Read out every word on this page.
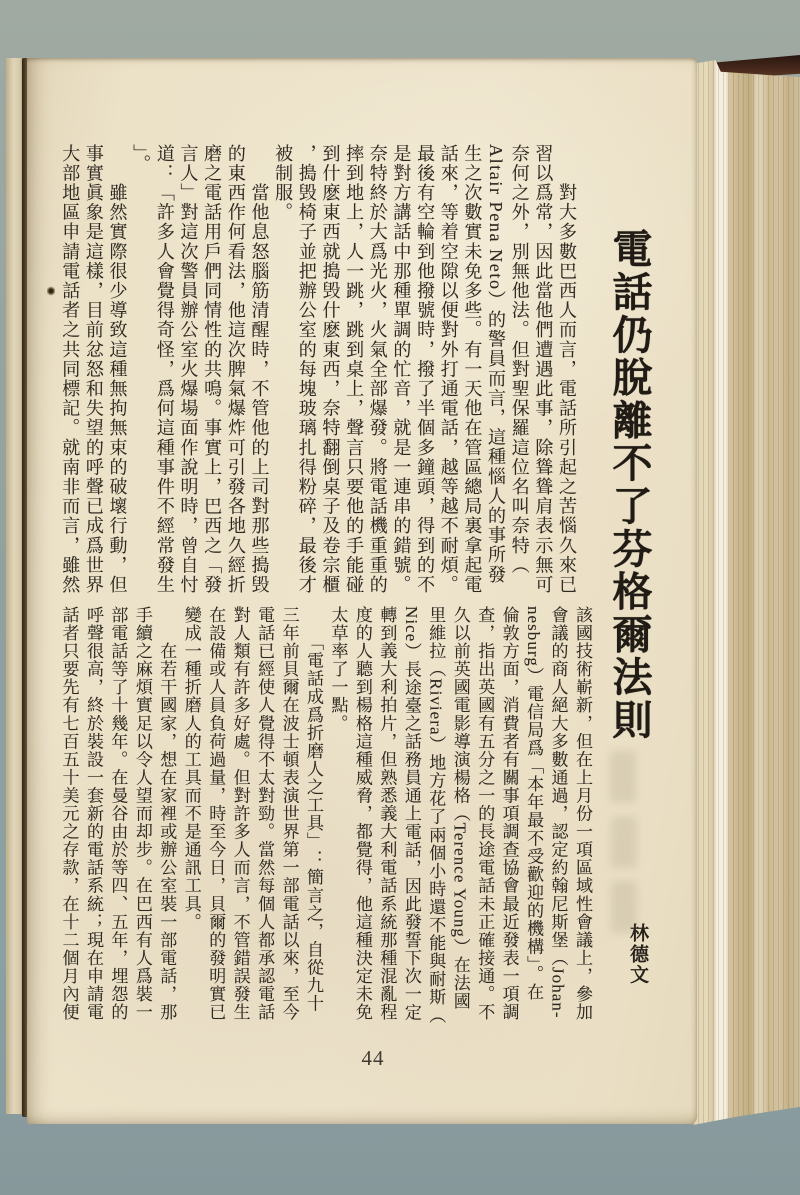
電話仍脫離不了芬格爾法則
林德文
　　對大多數巴西人而言，電話所引起之苦惱久來已
習以爲常，因此當他們遭遇此事，除聳聳肩表示無可
奈何之外，別無他法。但對聖保羅這位名叫奈特（
Altair Pena Neto）的警員而言，這種惱人的事所發
生之次數實未免多些。有一天他在管區總局裏拿起電
話來，等着空隙以便對外打通電話，越等越不耐煩。
最後有空輪到他撥號時，撥了半個多鐘頭，得到的不
是對方講話中那種單調的忙音，就是一連串的錯號。
奈特終於大爲光火，火氣全部爆發。將電話機重重的
摔到地上，人一跳，跳到桌上，聲言只要他的手能碰
到什麽東西就搗毁什麽東西，奈特翻倒桌子及卷宗櫃
，搗毁椅子並把辦公室的每塊玻璃扎得粉碎，最後才
被制服。
　　當他息怒腦筋清醒時，不管他的上司對那些搗毁
的東西作何看法，他這次脾氣爆炸可引發各地久經折
磨之電話用戶們同情性的共鳴。事實上，巴西之「發
言人」對這次警員辦公室火爆場面作說明時，曾自忖
道：「許多人會覺得奇怪，爲何這種事件不經常發生
」。
　　雖然實際很少導致這種無拘無束的破壞行動，但
事實眞象是這樣，目前忿怒和失望的呼聲已成爲世界
大部地區申請電話者之共同標記。就南非而言，雖然
該國技術嶄新，但在上月份一項區域性會議上，參加
會議的商人絕大多數通過，認定約翰尼斯堡（Johan-
nesburg）電信局爲「本年最不受歡迎的機構」。在
倫敦方面，消費者有關事項調查協會最近發表一項調
查，指出英國有五分之一的長途電話未正確接通。不
久以前英國電影導演楊格（Terence Young）在法國
里維拉（Riviera）地方花了兩個小時還不能與耐斯（
Nice）長途臺之話務員通上電話，因此發誓下次一定
轉到義大利拍片，但熟悉義大利電話系統那種混亂程
度的人聽到楊格這種威脅，都覺得，他這種決定未免
太草率了一點。
　　「電話成爲折磨人之工具」：簡言之，自從九十
三年前貝爾在波士頓表演世界第一部電話以來，至今
電話已經使人覺得不太對勁。當然每個人都承認電話
對人類有許多好處。但對許多人而言，不管錯誤發生
在設備或人員負荷過量，時至今日，貝爾的發明實已
變成一種折磨人的工具而不是通訊工具。
　　在若干國家，想在家裡或辦公室裝一部電話，那
手續之麻煩實足以令人望而却步。在巴西有人爲裝一
部電話等了十幾年。在曼谷由於等四、五年，埋怨的
呼聲很高，終於裝設一套新的電話系統；現在申請電
話者只要先有七百五十美元之存款，在十二個月內便
44
